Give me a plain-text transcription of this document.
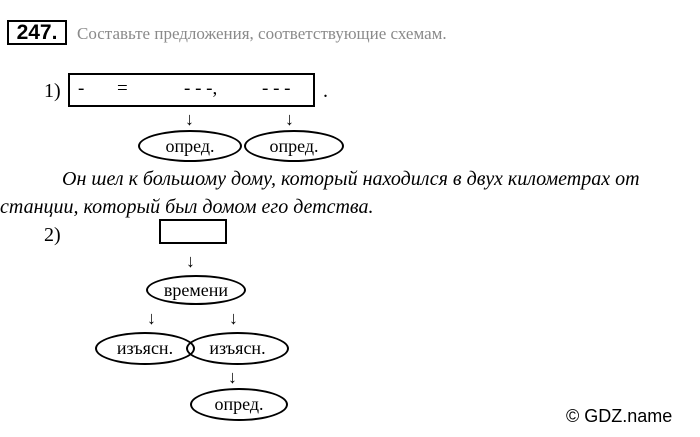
247.	Составьте предложения, соответствующие схемам.
1) - =	- - -, - - - .
↓	↓
опред.	опред.
Он шел к большому дому, который находился в двух километрах от
станции, который был домом его детства.
2)
↓
времени
↓	↓
изъясн.	изъясн.
↓
опред.
© GDZ.name
